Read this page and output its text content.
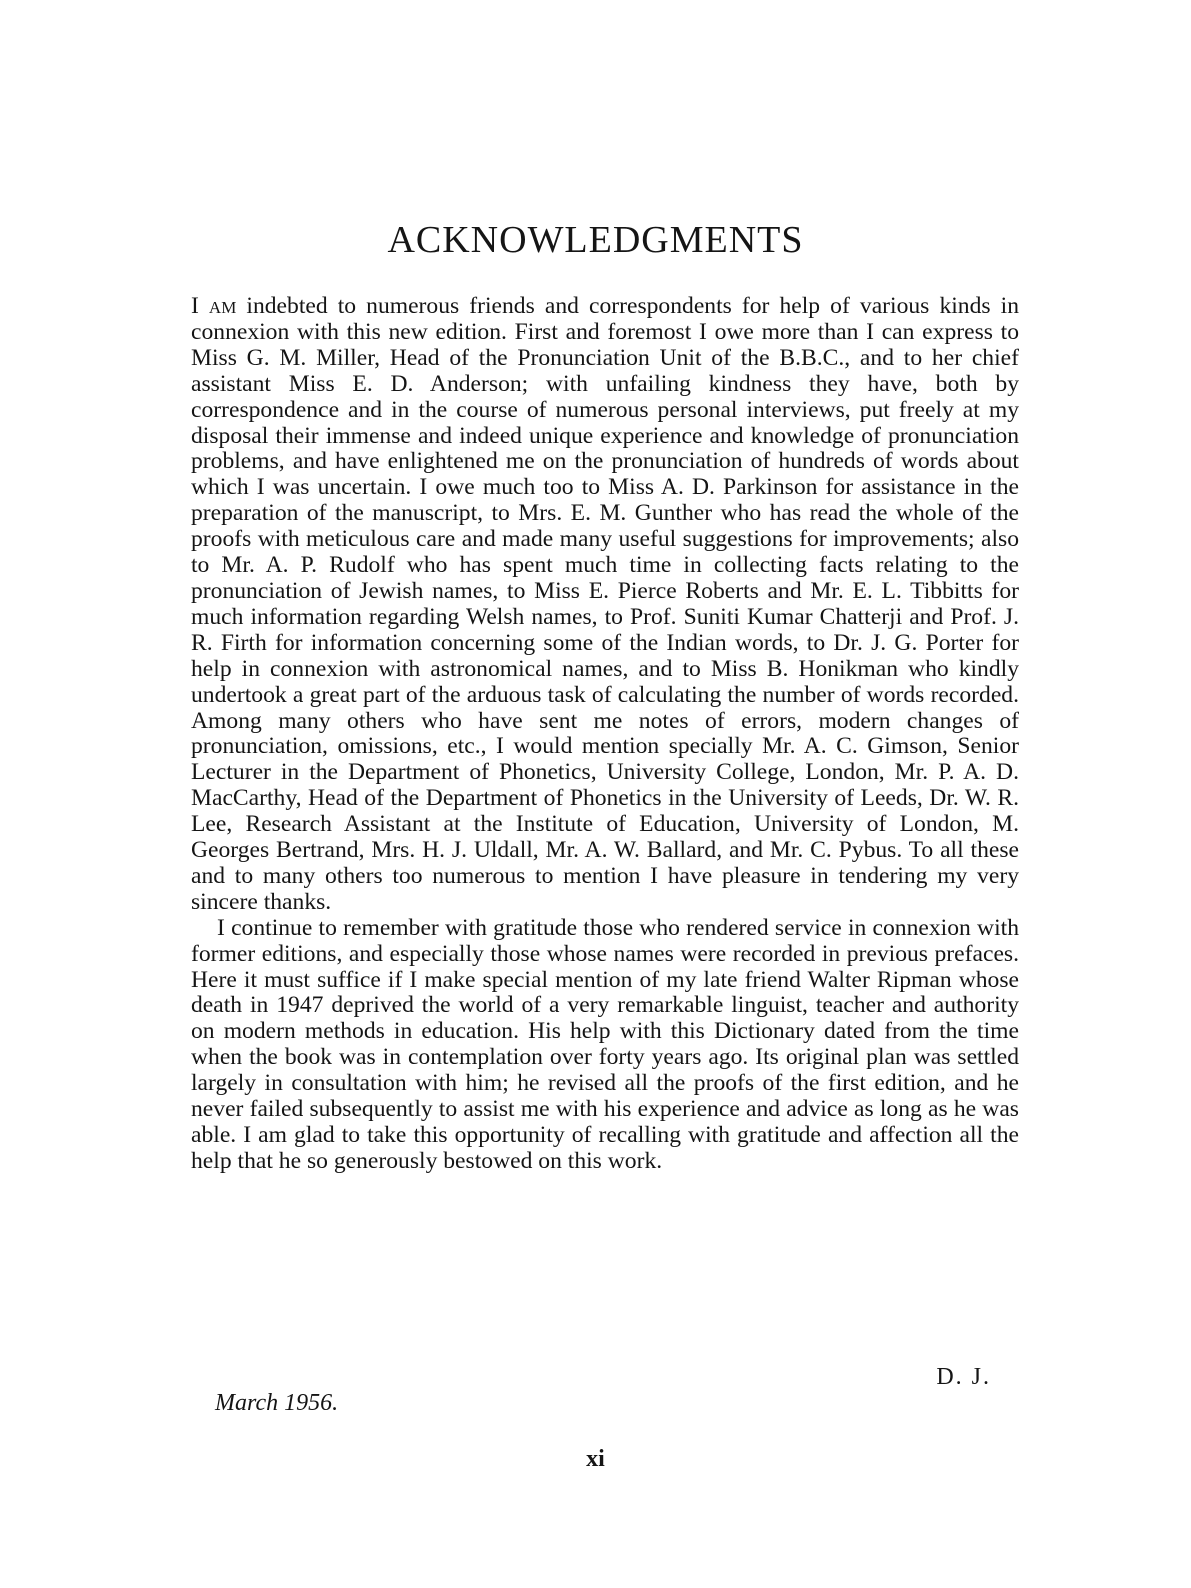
ACKNOWLEDGMENTS

I am indebted to numerous friends and correspondents for help of various kinds in connexion with this new edition. First and foremost I owe more than I can express to Miss G. M. Miller, Head of the Pronunciation Unit of the B.B.C., and to her chief assistant Miss E. D. Anderson; with unfailing kindness they have, both by correspondence and in the course of numerous personal interviews, put freely at my disposal their immense and indeed unique experience and knowledge of pronunciation problems, and have enlightened me on the pronunciation of hundreds of words about which I was uncertain. I owe much too to Miss A. D. Parkinson for assistance in the preparation of the manuscript, to Mrs. E. M. Gunther who has read the whole of the proofs with meticulous care and made many useful suggestions for improvements; also to Mr. A. P. Rudolf who has spent much time in collecting facts relating to the pronunciation of Jewish names, to Miss E. Pierce Roberts and Mr. E. L. Tibbitts for much information regarding Welsh names, to Prof. Suniti Kumar Chatterji and Prof. J. R. Firth for information concerning some of the Indian words, to Dr. J. G. Porter for help in connexion with astronomical names, and to Miss B. Honikman who kindly undertook a great part of the arduous task of calculating the number of words recorded. Among many others who have sent me notes of errors, modern changes of pronunciation, omissions, etc., I would mention specially Mr. A. C. Gimson, Senior Lecturer in the Department of Phonetics, University College, London, Mr. P. A. D. MacCarthy, Head of the Department of Phonetics in the University of Leeds, Dr. W. R. Lee, Research Assistant at the Institute of Education, University of London, M. Georges Bertrand, Mrs. H. J. Uldall, Mr. A. W. Ballard, and Mr. C. Pybus. To all these and to many others too numerous to mention I have pleasure in tendering my very sincere thanks.

I continue to remember with gratitude those who rendered service in connexion with former editions, and especially those whose names were recorded in previous prefaces. Here it must suffice if I make special mention of my late friend Walter Ripman whose death in 1947 deprived the world of a very remarkable linguist, teacher and authority on modern methods in education. His help with this Dictionary dated from the time when the book was in contemplation over forty years ago. Its original plan was settled largely in consultation with him; he revised all the proofs of the first edition, and he never failed subsequently to assist me with his experience and advice as long as he was able. I am glad to take this opportunity of recalling with gratitude and affection all the help that he so generously bestowed on this work.

D. J.
March 1956.
xi
